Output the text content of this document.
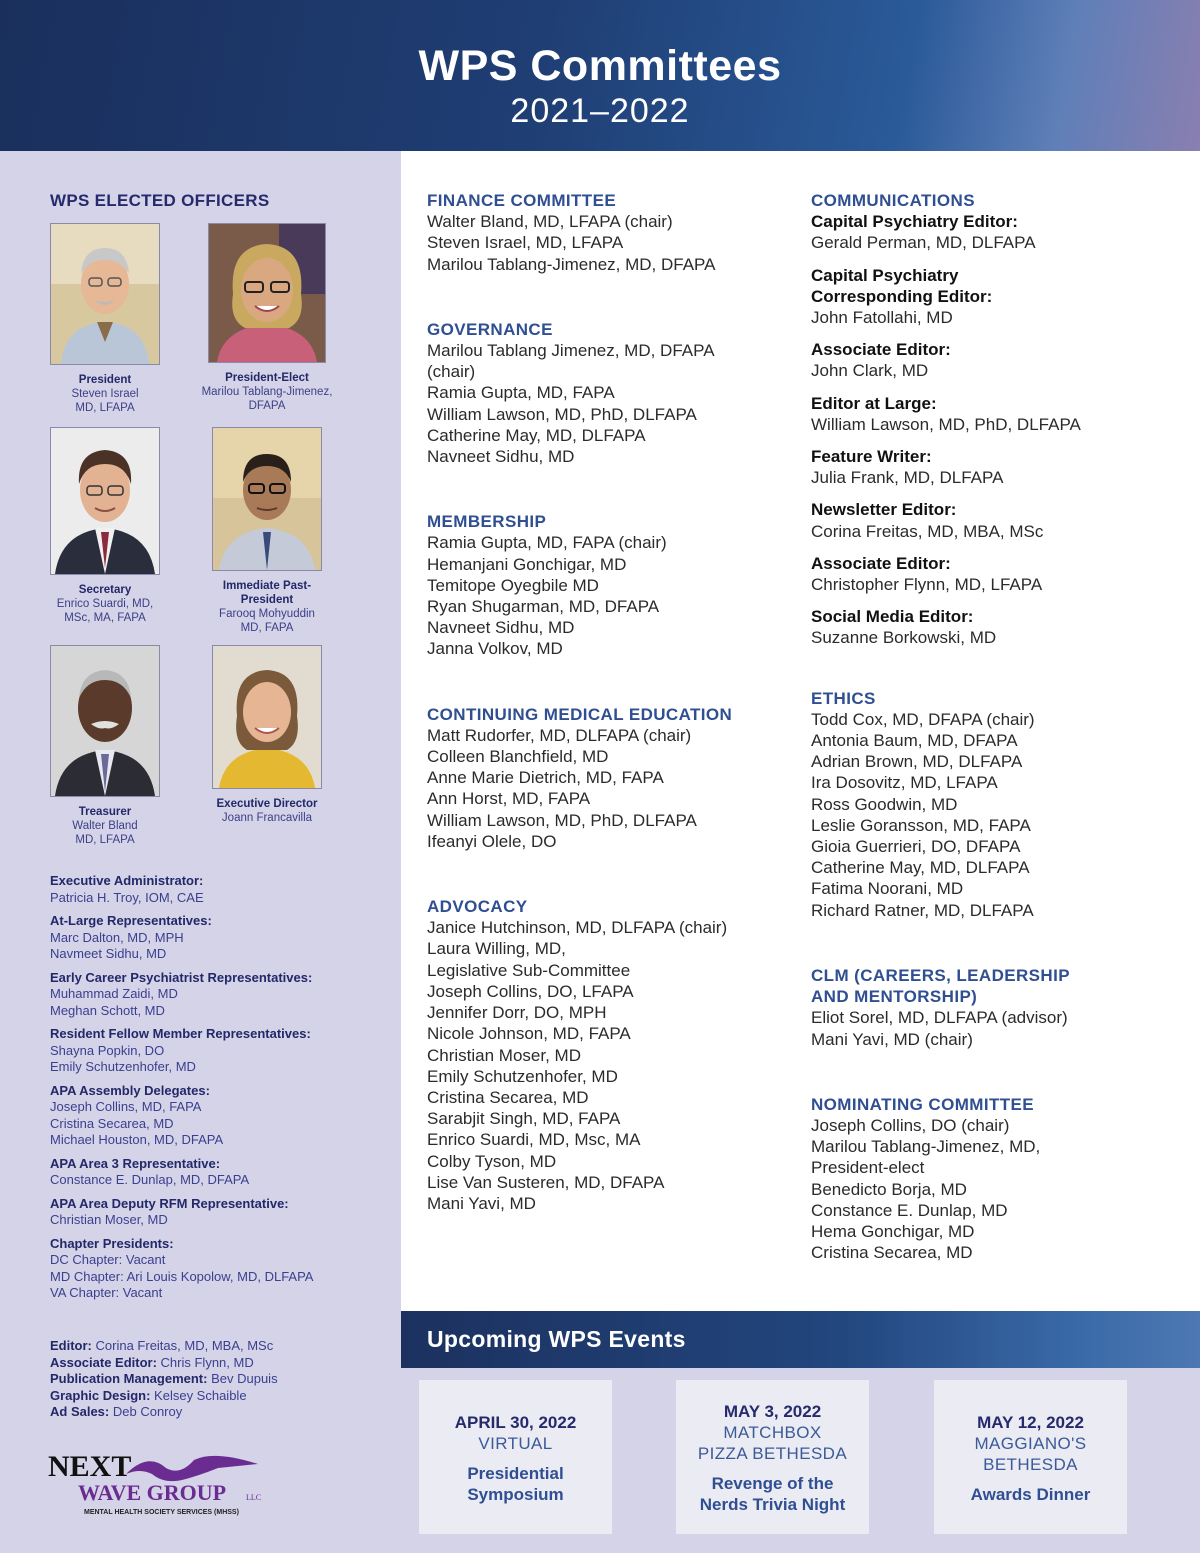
WPS Committees
2021–2022
WPS ELECTED OFFICERS
President
Steven Israel
MD, LFAPA
President-Elect
Marilou Tablang-Jimenez,
DFAPA
Secretary
Enrico Suardi, MD,
MSc, MA, FAPA
Immediate Past-
President
Farooq Mohyuddin
MD, FAPA
Treasurer
Walter Bland
MD, LFAPA
Executive Director
Joann Francavilla
Executive Administrator:
Patricia H. Troy, IOM, CAE
At-Large Representatives:
Marc Dalton, MD, MPH
Navmeet Sidhu, MD
Early Career Psychiatrist Representatives:
Muhammad Zaidi, MD
Meghan Schott, MD
Resident Fellow Member Representatives:
Shayna Popkin, DO
Emily Schutzenhofer, MD
APA Assembly Delegates:
Joseph Collins, MD, FAPA
Cristina Secarea, MD
Michael Houston, MD, DFAPA
APA Area 3 Representative:
Constance E. Dunlap, MD, DFAPA
APA Area Deputy RFM Representative:
Christian Moser, MD
Chapter Presidents:
DC Chapter: Vacant
MD Chapter: Ari Louis Kopolow, MD, DLFAPA
VA Chapter: Vacant
Editor: Corina Freitas, MD, MBA, MSc
Associate Editor: Chris Flynn, MD
Publication Management: Bev Dupuis
Graphic Design: Kelsey Schaible
Ad Sales: Deb Conroy
NEXT
WAVE GROUP LLC
MENTAL HEALTH SOCIETY SERVICES (MHSS)
FINANCE COMMITTEE
Walter Bland, MD, LFAPA (chair)
Steven Israel, MD, LFAPA
Marilou Tablang-Jimenez, MD, DFAPA
GOVERNANCE
Marilou Tablang Jimenez, MD, DFAPA
(chair)
Ramia Gupta, MD, FAPA
William Lawson, MD, PhD, DLFAPA
Catherine May, MD, DLFAPA
Navneet Sidhu, MD
MEMBERSHIP
Ramia Gupta, MD, FAPA (chair)
Hemanjani Gonchigar, MD
Temitope Oyegbile MD
Ryan Shugarman, MD, DFAPA
Navneet Sidhu, MD
Janna Volkov, MD
CONTINUING MEDICAL EDUCATION
Matt Rudorfer, MD, DLFAPA (chair)
Colleen Blanchfield, MD
Anne Marie Dietrich, MD, FAPA
Ann Horst, MD, FAPA
William Lawson, MD, PhD, DLFAPA
Ifeanyi Olele, DO
ADVOCACY
Janice Hutchinson, MD, DLFAPA (chair)
Laura Willing, MD,
Legislative Sub-Committee
Joseph Collins, DO, LFAPA
Jennifer Dorr, DO, MPH
Nicole Johnson, MD, FAPA
Christian Moser, MD
Emily Schutzenhofer, MD
Cristina Secarea, MD
Sarabjit Singh, MD, FAPA
Enrico Suardi, MD, Msc, MA
Colby Tyson, MD
Lise Van Susteren, MD, DFAPA
Mani Yavi, MD
COMMUNICATIONS
Capital Psychiatry Editor:
Gerald Perman, MD, DLFAPA
Capital Psychiatry
Corresponding Editor:
John Fatollahi, MD
Associate Editor:
John Clark, MD
Editor at Large:
William Lawson, MD, PhD, DLFAPA
Feature Writer:
Julia Frank, MD, DLFAPA
Newsletter Editor:
Corina Freitas, MD, MBA, MSc
Associate Editor:
Christopher Flynn, MD, LFAPA
Social Media Editor:
Suzanne Borkowski, MD
ETHICS
Todd Cox, MD, DFAPA (chair)
Antonia Baum, MD, DFAPA
Adrian Brown, MD, DLFAPA
Ira Dosovitz, MD, LFAPA
Ross Goodwin, MD
Leslie Goransson, MD, FAPA
Gioia Guerrieri, DO, DFAPA
Catherine May, MD, DLFAPA
Fatima Noorani, MD
Richard Ratner, MD, DLFAPA
CLM (CAREERS, LEADERSHIP
AND MENTORSHIP)
Eliot Sorel, MD, DLFAPA (advisor)
Mani Yavi, MD (chair)
NOMINATING COMMITTEE
Joseph Collins, DO (chair)
Marilou Tablang-Jimenez, MD,
President-elect
Benedicto Borja, MD
Constance E. Dunlap, MD
Hema Gonchigar, MD
Cristina Secarea, MD
Upcoming WPS Events
APRIL 30, 2022
VIRTUAL
Presidential
Symposium
MAY 3, 2022
MATCHBOX
PIZZA BETHESDA
Revenge of the
Nerds Trivia Night
MAY 12, 2022
MAGGIANO'S
BETHESDA
Awards Dinner
